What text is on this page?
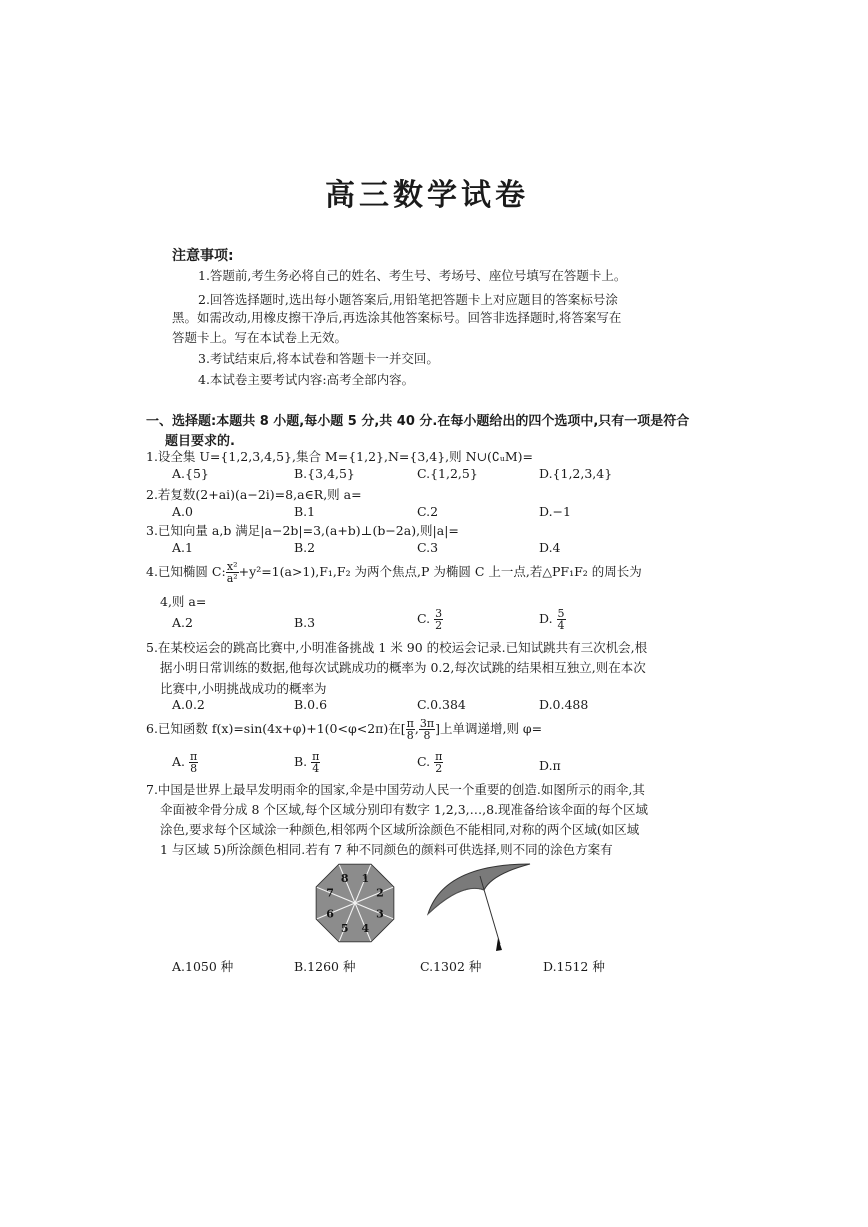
高三数学试卷
注意事项:
1.答题前,考生务必将自己的姓名、考生号、考场号、座位号填写在答题卡上。
2.回答选择题时,选出每小题答案后,用铅笔把答题卡上对应题目的答案标号涂
黑。如需改动,用橡皮擦干净后,再选涂其他答案标号。回答非选择题时,将答案写在
答题卡上。写在本试卷上无效。
3.考试结束后,将本试卷和答题卡一并交回。
4.本试卷主要考试内容:高考全部内容。
一、选择题:本题共 8 小题,每小题 5 分,共 40 分.在每小题给出的四个选项中,只有一项是符合
题目要求的.
1.设全集 U={1,2,3,4,5},集合 M={1,2},N={3,4},则 N∪(∁ᵤM)=
A.{5}	B.{3,4,5}	C.{1,2,5}	D.{1,2,3,4}
2.若复数(2+ai)(a−2i)=8,a∈R,则 a=
A.0	B.1	C.2	D.−1
3.已知向量 a,b 满足|a−2b|=3,(a+b)⊥(b−2a),则|a|=
A.1	B.2	C.3	D.4
4.已知椭圆 C: $\frac{\text{x²}}{\text{a²}} +y^2=1(a>1),F_1,F_2$ 为两个焦点,P 为椭圆 C 上一点,若△PF₁F₂ 的周长为
4,则 a=
A.2	B.3	C. $\frac{3}{2}$	D. $\frac{5}{4}$
5.在某校运会的跳高比赛中,小明准备挑战 1 米 90 的校运会记录.已知试跳共有三次机会,根
据小明日常训练的数据,他每次试跳成功的概率为 0.2,每次试跳的结果相互独立,则在本次
比赛中,小明挑战成功的概率为
A.0.2	B.0.6	C.0.384	D.0.488
6.已知函数 f(x)=sin(4x+φ)+1(0<φ<2π)在[ $\frac{\pi}{8}$ , $\frac{3\pi}{8}$ ]上单调递增,则 φ=
A. $\frac{\pi}{8}$	B. $\frac{\pi}{4}$	C. $\frac{\pi}{2}$	D.π
7.中国是世界上最早发明雨伞的国家,伞是中国劳动人民一个重要的创造.如图所示的雨伞,其
伞面被伞骨分成 8 个区域,每个区域分别印有数字 1,2,3,…,8.现准备给该伞面的每个区域
涂色,要求每个区域涂一种颜色,相邻两个区域所涂颜色不能相同,对称的两个区域(如区域
1 与区域 5)所涂颜色相同.若有 7 种不同颜色的颜料可供选择,则不同的涂色方案有
1
2
3
4
5
6
7
8
A.1050 种	B.1260 种	C.1302 种	D.1512 种
